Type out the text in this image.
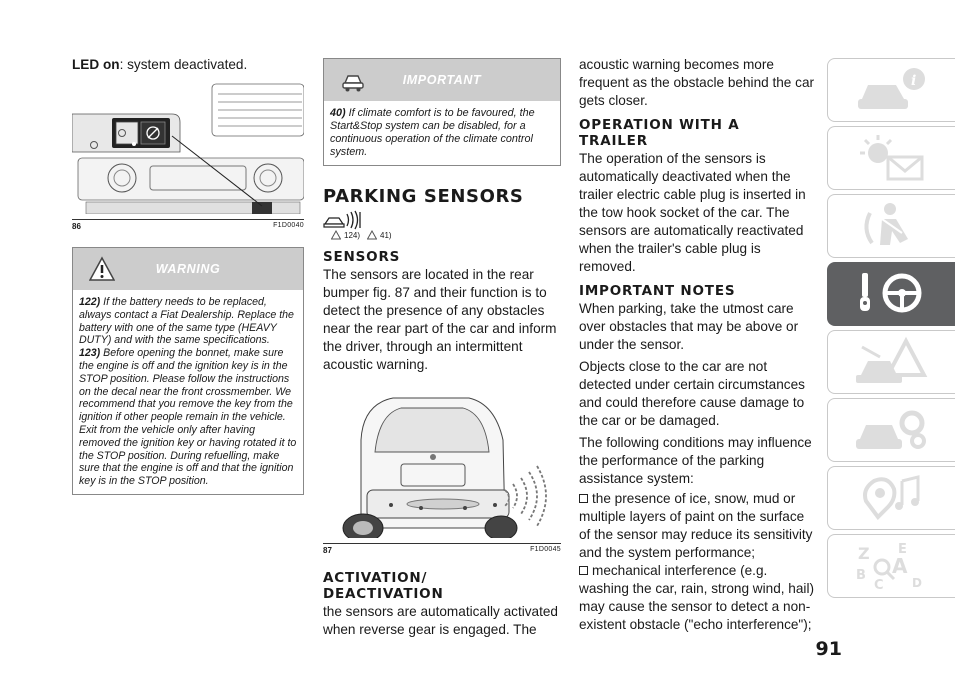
LED on: system deactivated.

86	F1D0040
WARNING

122) If the battery needs to be replaced, always contact a Fiat Dealership. Replace the battery with one of the same type (HEAVY DUTY) and with the same specifications.

123) Before opening the bonnet, make sure the engine is off and the ignition key is in the STOP position. Please follow the instructions on the decal near the front crossmember. We recommend that you remove the key from the ignition if other people remain in the vehicle. Exit from the vehicle only after having removed the ignition key or having rotated it to the STOP position. During refuelling, make sure that the engine is off and that the ignition key is in the STOP position.

IMPORTANT

40) If climate comfort is to be favoured, the Start&Stop system can be disabled, for a continuous operation of the climate control system.

PARKING SENSORS
124) 41)
SENSORS

The sensors are located in the rear bumper fig. 87 and their function is to detect the presence of any obstacles near the rear part of the car and inform the driver, through an intermittent acoustic warning.

87	F1D0045
ACTIVATION/
DEACTIVATION

the sensors are automatically activated when reverse gear is engaged. The

acoustic warning becomes more frequent as the obstacle behind the car gets closer.

OPERATION WITH A
TRAILER

The operation of the sensors is automatically deactivated when the trailer electric cable plug is inserted in the tow hook socket of the car. The sensors are automatically reactivated when the trailer's cable plug is removed.

IMPORTANT NOTES

When parking, take the utmost care over obstacles that may be above or under the sensor.

Objects close to the car are not detected under certain circumstances and could therefore cause damage to the car or be damaged.

The following conditions may influence the performance of the parking assistance system:

the presence of ice, snow, mud or multiple layers of paint on the surface of the sensor may reduce its sensitivity and the system performance;

mechanical interference (e.g. washing the car, rain, strong wind, hail) may cause the sensor to detect a non-existent obstacle ("echo interference");

i
Z E
B A
C D
91
